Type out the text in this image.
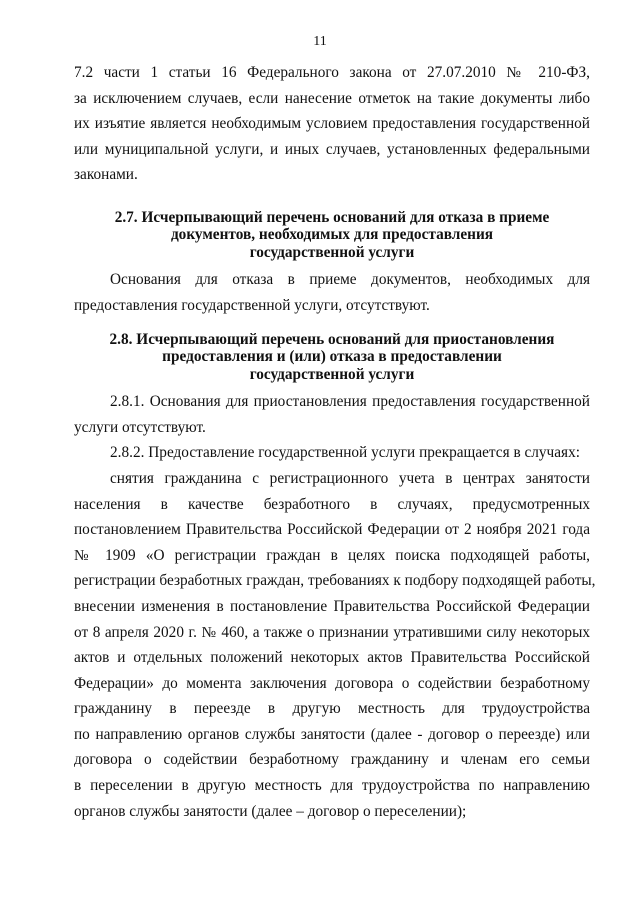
11
7.2 части 1 статьи 16 Федерального закона от 27.07.2010 № 210-ФЗ,
за исключением случаев, если нанесение отметок на такие документы либо
их изъятие является необходимым условием предоставления государственной
или муниципальной услуги, и иных случаев, установленных федеральными
законами.
2.7. Исчерпывающий перечень оснований для отказа в приеме
документов, необходимых для предоставления
государственной услуги
Основания для отказа в приеме документов, необходимых для
предоставления государственной услуги, отсутствуют.
2.8. Исчерпывающий перечень оснований для приостановления
предоставления и (или) отказа в предоставлении
государственной услуги
2.8.1. Основания для приостановления предоставления государственной
услуги отсутствуют.
2.8.2. Предоставление государственной услуги прекращается в случаях:
снятия гражданина с регистрационного учета в центрах занятости
населения в качестве безработного в случаях, предусмотренных
постановлением Правительства Российской Федерации от 2 ноября 2021 года
№ 1909 «О регистрации граждан в целях поиска подходящей работы,
регистрации безработных граждан, требованиях к подбору подходящей работы,
внесении изменения в постановление Правительства Российской Федерации
от 8 апреля 2020 г. № 460, а также о признании утратившими силу некоторых
актов и отдельных положений некоторых актов Правительства Российской
Федерации» до момента заключения договора о содействии безработному
гражданину в переезде в другую местность для трудоустройства
по направлению органов службы занятости (далее - договор о переезде) или
договора о содействии безработному гражданину и членам его семьи
в переселении в другую местность для трудоустройства по направлению
органов службы занятости (далее – договор о переселении);
